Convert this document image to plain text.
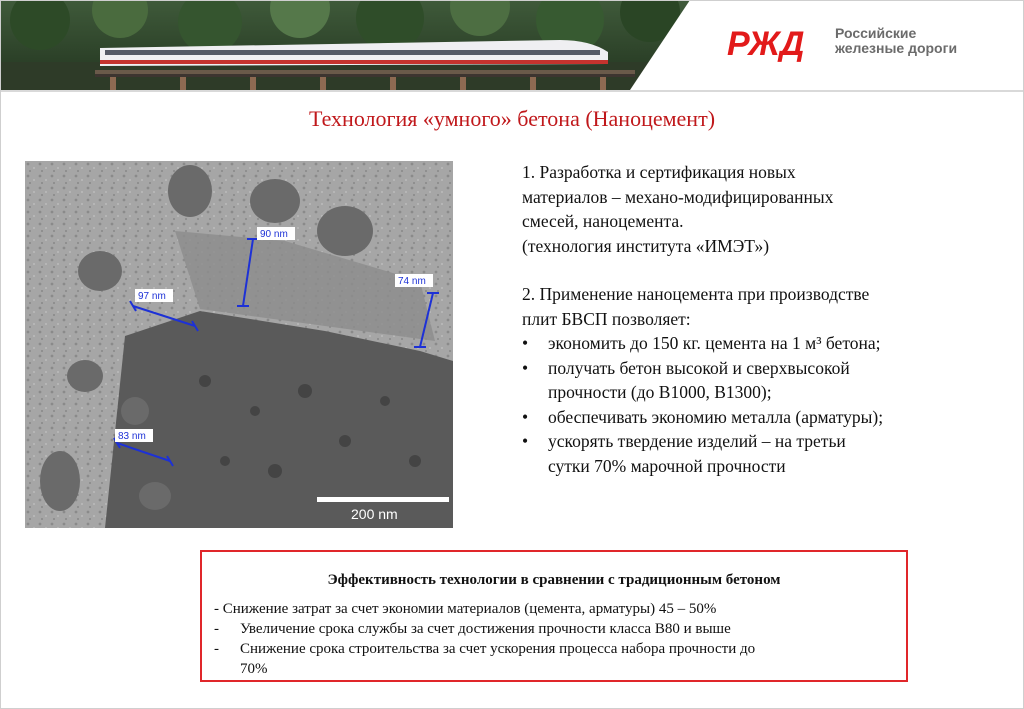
РЖД Российские
железные дороги
Технология «умного» бетона (Наноцемент)
90 nm
74 nm
97 nm
83 nm
200 nm

1. Разработка и сертификация новых

материалов – механо-модифицированных

смесей, наноцемента.

(технология института «ИМЭТ»)

2. Применение наноцемента при производстве

плит БВСП позволяет:

•	экономить до 150 кг. цемента на 1 м³ бетона;
•	получать бетон высокой и сверхвысокой
прочности (до В1000, В1300);
•	обеспечивать экономию металла (арматуры);
•	ускорять твердение изделий – на третьи
сутки 70% марочной прочности
Эффективность технологии в сравнении с традиционным бетоном
- Снижение затрат за счет экономии материалов (цемента, арматуры) 45 – 50%
-	Увеличение срока службы за счет достижения прочности класса В80 и выше
-	Снижение срока строительства за счет ускорения процесса набора прочности до
70%
